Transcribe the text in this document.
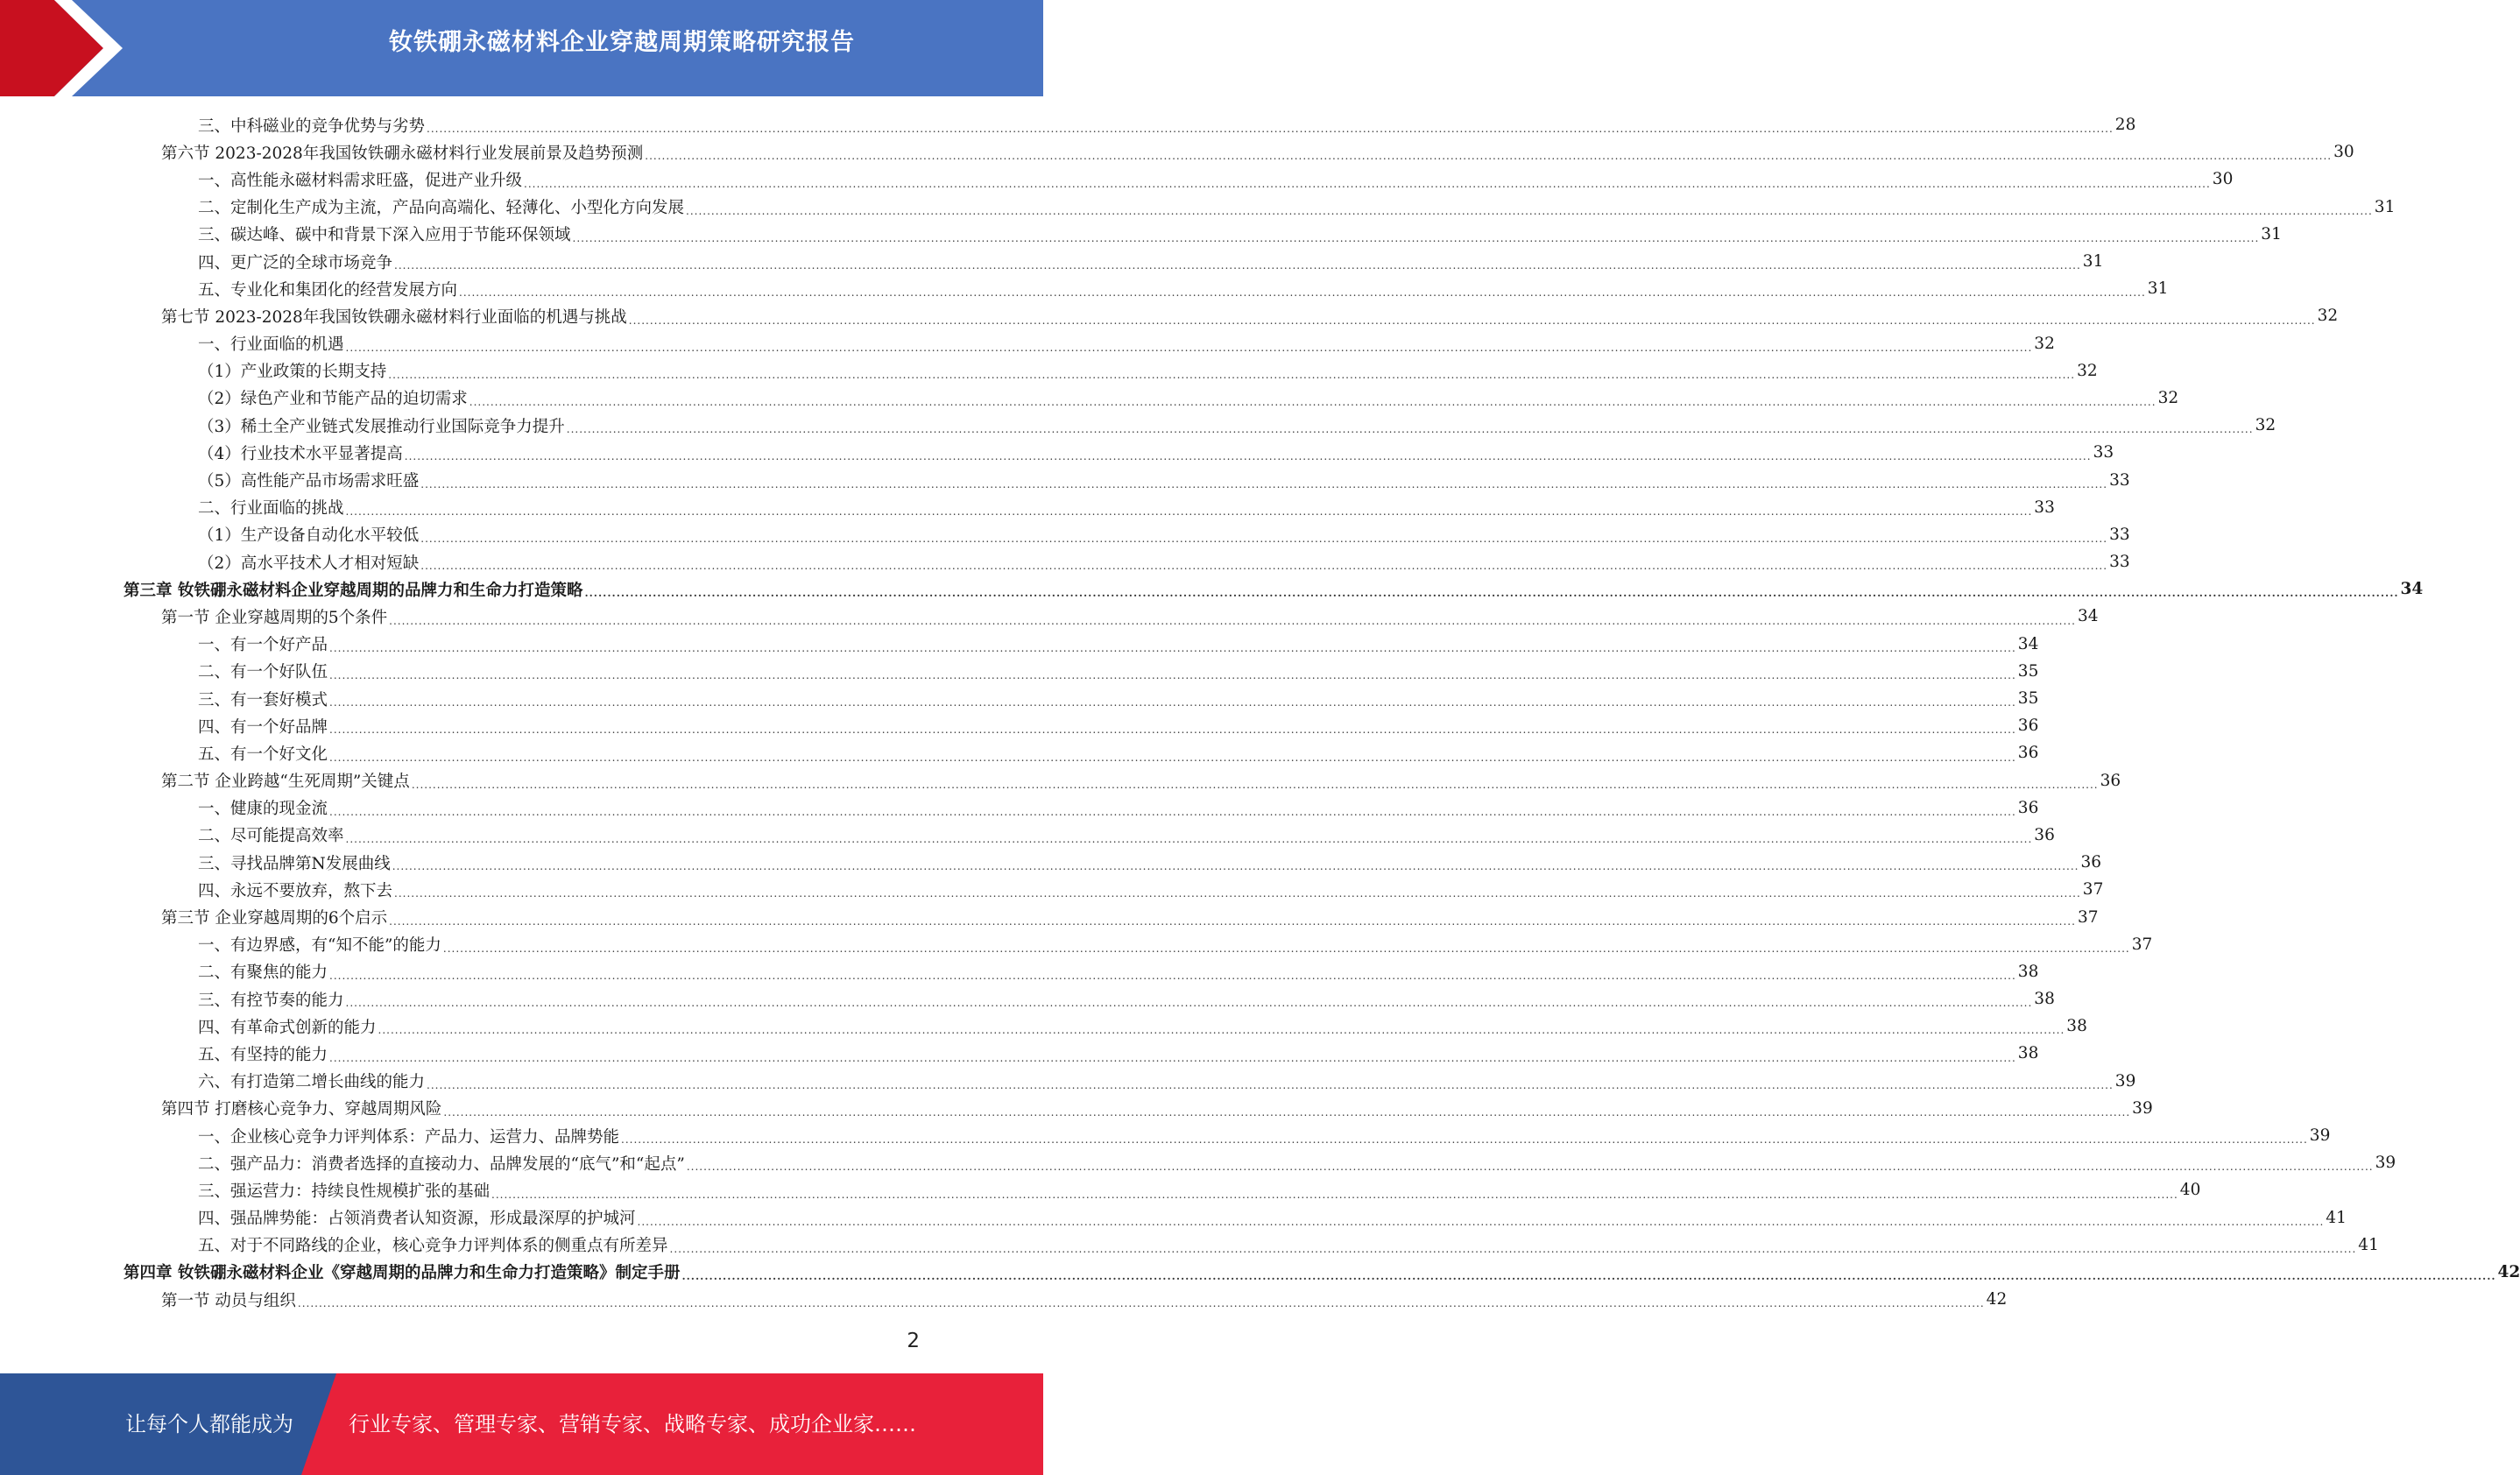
钕铁硼永磁材料企业穿越周期策略研究报告
三、中科磁业的竞争优势与劣势 ................................................................................................................................................................................................................................................................................................................................................................................................................ 28
第六节 2023-2028年我国钕铁硼永磁材料行业发展前景及趋势预测 ................................................................................................................................................................................................................................................................................................................................................................................................................ 30
一、高性能永磁材料需求旺盛，促进产业升级 ................................................................................................................................................................................................................................................................................................................................................................................................................ 30
二、定制化生产成为主流，产品向高端化、轻薄化、小型化方向发展 ................................................................................................................................................................................................................................................................................................................................................................................................................ 31
三、碳达峰、碳中和背景下深入应用于节能环保领域 ................................................................................................................................................................................................................................................................................................................................................................................................................ 31
四、更广泛的全球市场竞争 ................................................................................................................................................................................................................................................................................................................................................................................................................ 31
五、专业化和集团化的经营发展方向 ................................................................................................................................................................................................................................................................................................................................................................................................................ 31
第七节 2023-2028年我国钕铁硼永磁材料行业面临的机遇与挑战 ................................................................................................................................................................................................................................................................................................................................................................................................................ 32
一、行业面临的机遇 ................................................................................................................................................................................................................................................................................................................................................................................................................ 32
（1）产业政策的长期支持 ................................................................................................................................................................................................................................................................................................................................................................................................................ 32
（2）绿色产业和节能产品的迫切需求 ................................................................................................................................................................................................................................................................................................................................................................................................................ 32
（3）稀土全产业链式发展推动行业国际竞争力提升 ................................................................................................................................................................................................................................................................................................................................................................................................................ 32
（4）行业技术水平显著提高 ................................................................................................................................................................................................................................................................................................................................................................................................................ 33
（5）高性能产品市场需求旺盛 ................................................................................................................................................................................................................................................................................................................................................................................................................ 33
二、行业面临的挑战 ................................................................................................................................................................................................................................................................................................................................................................................................................ 33
（1）生产设备自动化水平较低 ................................................................................................................................................................................................................................................................................................................................................................................................................ 33
（2）高水平技术人才相对短缺 ................................................................................................................................................................................................................................................................................................................................................................................................................ 33
第三章 钕铁硼永磁材料企业穿越周期的品牌力和生命力打造策略 ................................................................................................................................................................................................................................................................................................................................................................................................................ 34
第一节 企业穿越周期的5个条件 ................................................................................................................................................................................................................................................................................................................................................................................................................ 34
一、有一个好产品 ................................................................................................................................................................................................................................................................................................................................................................................................................ 34
二、有一个好队伍 ................................................................................................................................................................................................................................................................................................................................................................................................................ 35
三、有一套好模式 ................................................................................................................................................................................................................................................................................................................................................................................................................ 35
四、有一个好品牌 ................................................................................................................................................................................................................................................................................................................................................................................................................ 36
五、有一个好文化 ................................................................................................................................................................................................................................................................................................................................................................................................................ 36
第二节 企业跨越“生死周期”关键点 ................................................................................................................................................................................................................................................................................................................................................................................................................ 36
一、健康的现金流 ................................................................................................................................................................................................................................................................................................................................................................................................................ 36
二、尽可能提高效率 ................................................................................................................................................................................................................................................................................................................................................................................................................ 36
三、寻找品牌第N发展曲线 ................................................................................................................................................................................................................................................................................................................................................................................................................ 36
四、永远不要放弃，熬下去 ................................................................................................................................................................................................................................................................................................................................................................................................................ 37
第三节 企业穿越周期的6个启示 ................................................................................................................................................................................................................................................................................................................................................................................................................ 37
一、有边界感，有“知不能”的能力 ................................................................................................................................................................................................................................................................................................................................................................................................................ 37
二、有聚焦的能力 ................................................................................................................................................................................................................................................................................................................................................................................................................ 38
三、有控节奏的能力 ................................................................................................................................................................................................................................................................................................................................................................................................................ 38
四、有革命式创新的能力 ................................................................................................................................................................................................................................................................................................................................................................................................................ 38
五、有坚持的能力 ................................................................................................................................................................................................................................................................................................................................................................................................................ 38
六、有打造第二增长曲线的能力 ................................................................................................................................................................................................................................................................................................................................................................................................................ 39
第四节 打磨核心竞争力、穿越周期风险 ................................................................................................................................................................................................................................................................................................................................................................................................................ 39
一、企业核心竞争力评判体系：产品力、运营力、品牌势能 ................................................................................................................................................................................................................................................................................................................................................................................................................ 39
二、强产品力：消费者选择的直接动力、品牌发展的“底气”和“起点” ................................................................................................................................................................................................................................................................................................................................................................................................................ 39
三、强运营力：持续良性规模扩张的基础 ................................................................................................................................................................................................................................................................................................................................................................................................................ 40
四、强品牌势能：占领消费者认知资源，形成最深厚的护城河 ................................................................................................................................................................................................................................................................................................................................................................................................................ 41
五、对于不同路线的企业，核心竞争力评判体系的侧重点有所差异 ................................................................................................................................................................................................................................................................................................................................................................................................................ 41
第四章 钕铁硼永磁材料企业《穿越周期的品牌力和生命力打造策略》制定手册 ................................................................................................................................................................................................................................................................................................................................................................................................................ 42
第一节 动员与组织 ................................................................................................................................................................................................................................................................................................................................................................................................................ 42
2
让每个人都能成为	行业专家、管理专家、营销专家、战略专家、成功企业家……
